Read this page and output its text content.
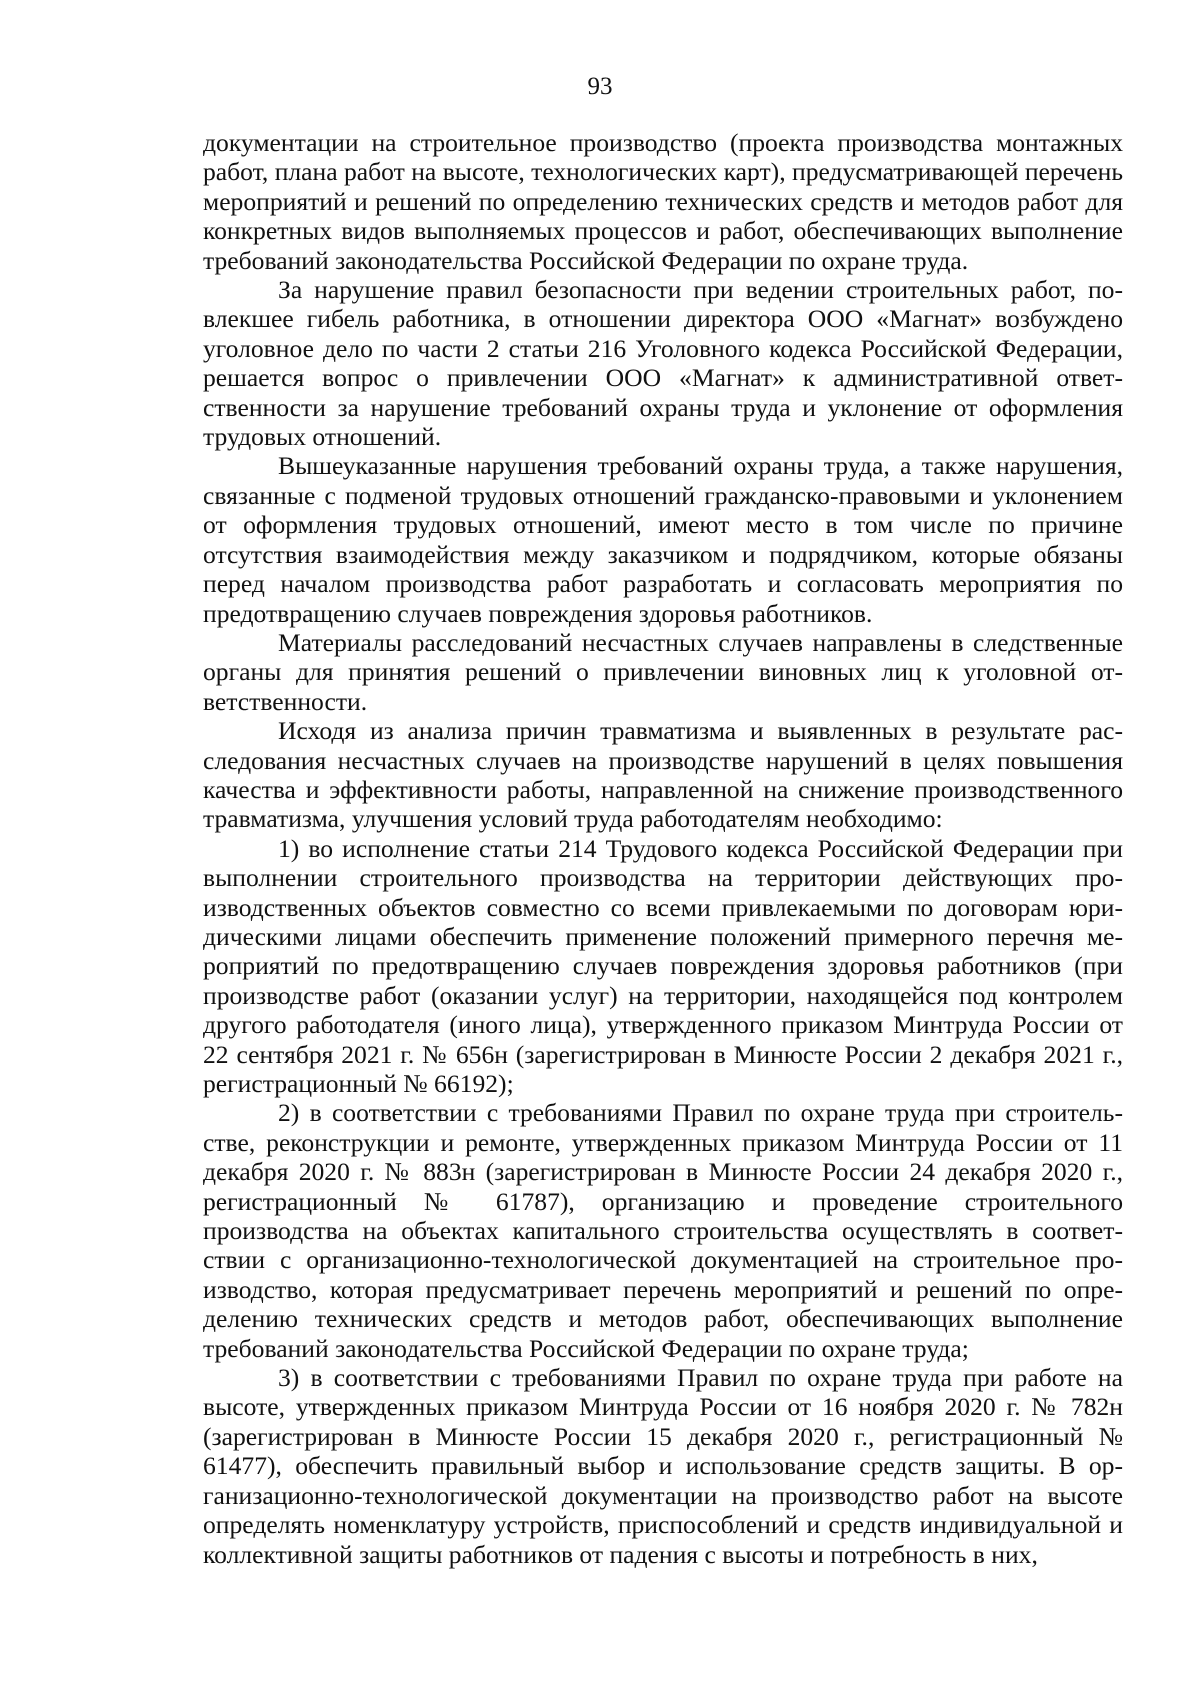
93

документации на строительное производство (проекта производства монтажных работ, плана работ на высоте, технологических карт), предусматривающей перечень мероприятий и решений по определению технических средств и методов работ для конкретных видов выполняемых процессов и работ, обеспечивающих выполнение требований законодательства Российской Федерации по охране труда.

За нарушение правил безопасности при ведении строительных работ, повлекшее гибель работника, в отношении директора ООО «Магнат» возбуждено уголовное дело по части 2 статьи 216 Уголовного кодекса Российской Федерации, решается вопрос о привлечении ООО «Магнат» к административной ответственности за нарушение требований охраны труда и уклонение от оформления трудовых отношений.

Вышеуказанные нарушения требований охраны труда, а также нарушения, связанные с подменой трудовых отношений гражданско-правовыми и уклонением от оформления трудовых отношений, имеют место в том числе по причине отсутствия взаимодействия между заказчиком и подрядчиком, которые обязаны перед началом производства работ разработать и согласовать мероприятия по предотвращению случаев повреждения здоровья работников.

Материалы расследований несчастных случаев направлены в следственные органы для принятия решений о привлечении виновных лиц к уголовной ответственности.

Исходя из анализа причин травматизма и выявленных в результате расследования несчастных случаев на производстве нарушений в целях повышения качества и эффективности работы, направленной на снижение производственного травматизма, улучшения условий труда работодателям необходимо:

1) во исполнение статьи 214 Трудового кодекса Российской Федерации при выполнении строительного производства на территории действующих производственных объектов совместно со всеми привлекаемыми по договорам юридическими лицами обеспечить применение положений примерного перечня мероприятий по предотвращению случаев повреждения здоровья работников (при производстве работ (оказании услуг) на территории, находящейся под контролем другого работодателя (иного лица), утвержденного приказом Минтруда России от 22 сентября 2021 г. № 656н (зарегистрирован в Минюсте России 2 декабря 2021 г., регистрационный № 66192);

2) в соответствии с требованиями Правил по охране труда при строительстве, реконструкции и ремонте, утвержденных приказом Минтруда России от 11 декабря 2020 г. № 883н (зарегистрирован в Минюсте России 24 декабря 2020 г., регистрационный № 61787), организацию и проведение строительного производства на объектах капитального строительства осуществлять в соответствии с организационно-технологической документацией на строительное производство, которая предусматривает перечень мероприятий и решений по определению технических средств и методов работ, обеспечивающих выполнение требований законодательства Российской Федерации по охране труда;

3) в соответствии с требованиями Правил по охране труда при работе на высоте, утвержденных приказом Минтруда России от 16 ноября 2020 г. № 782н (зарегистрирован в Минюсте России 15 декабря 2020 г., регистрационный № 61477), обеспечить правильный выбор и использование средств защиты. В организационно-технологической документации на производство работ на высоте определять номенклатуру устройств, приспособлений и средств индивидуальной и коллективной защиты работников от падения с высоты и потребность в них,
